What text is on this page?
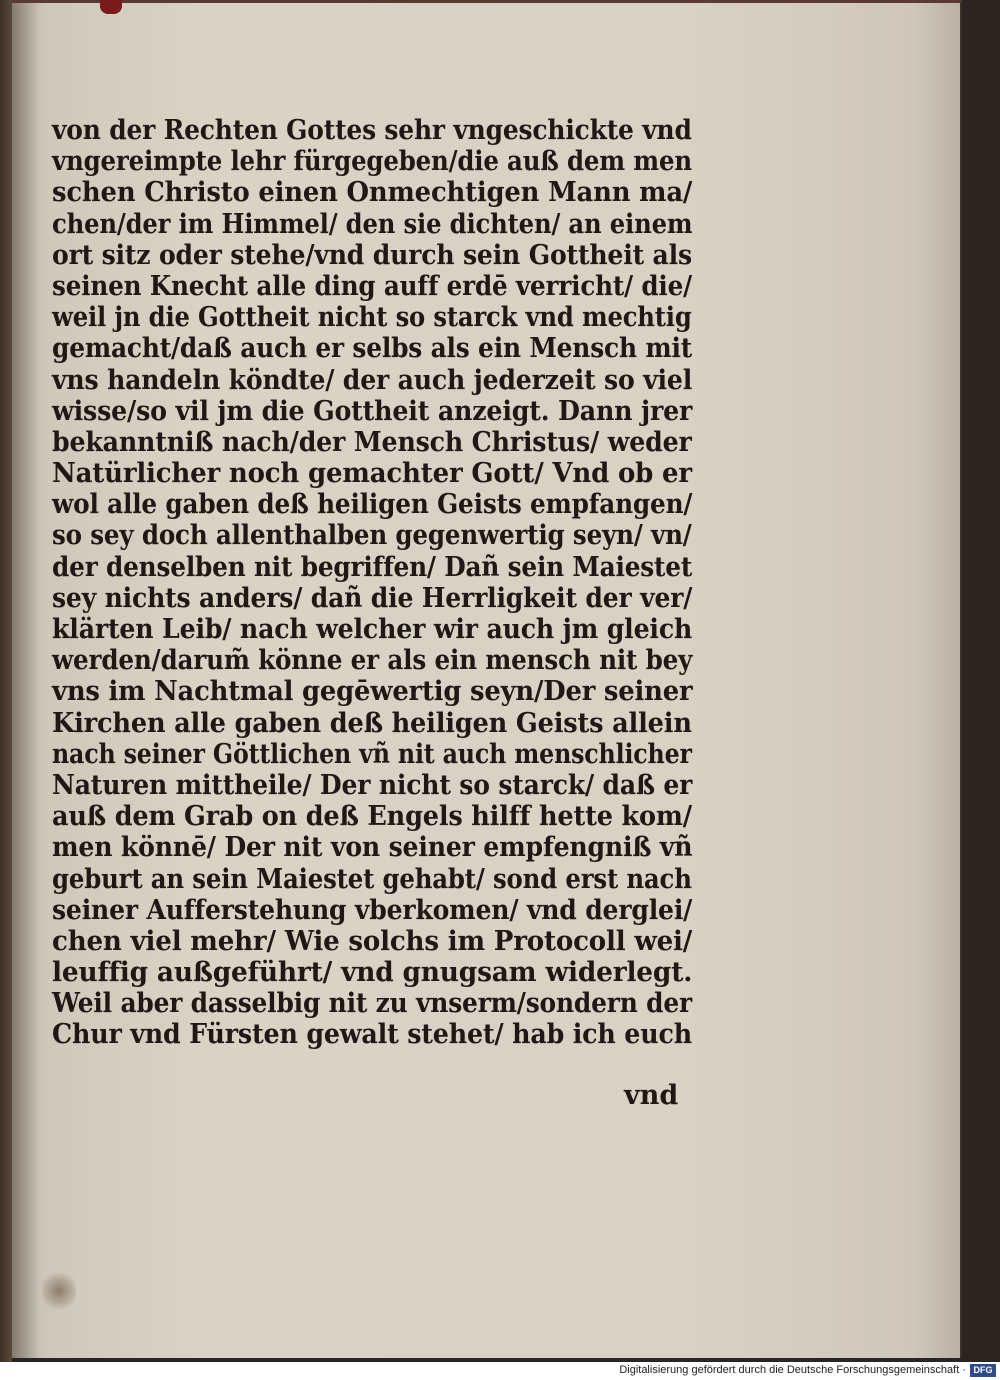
von der Rechten Gottes sehr vngeschickte vnd
vngereimpte lehr fürgegeben/die auß dem men
schen Christo einen Onmechtigen Mann ma/
chen/der im Himmel/ den sie dichten/ an einem
ort sitz oder stehe/vnd durch sein Gottheit als
seinen Knecht alle ding auff erdē verricht/ die/
weil jn die Gottheit nicht so starck vnd mechtig
gemacht/daß auch er selbs als ein Mensch mit
vns handeln köndte/ der auch jederzeit so viel
wisse/so vil jm die Gottheit anzeigt. Dann jrer
bekanntniß nach/der Mensch Christus/ weder
Natürlicher noch gemachter Gott/ Vnd ob er
wol alle gaben deß heiligen Geists empfangen/
so sey doch allenthalben gegenwertig seyn/ vn/
der denselben nit begriffen/ Dañ sein Maiestet
sey nichts anders/ dañ die Herrligkeit der ver/
klärten Leib/ nach welcher wir auch jm gleich
werden/darum̃ könne er als ein mensch nit bey
vns im Nachtmal gegēwertig seyn/Der seiner
Kirchen alle gaben deß heiligen Geists allein
nach seiner Göttlichen vñ nit auch menschlicher
Naturen mittheile/ Der nicht so starck/ daß er
auß dem Grab on deß Engels hilff hette kom/
men könnē/ Der nit von seiner empfengniß vñ
geburt an sein Maiestet gehabt/ sond erst nach
seiner Aufferstehung vberkomen/ vnd derglei/
chen viel mehr/ Wie solchs im Protocoll wei/
leuffig außgeführt/ vnd gnugsam widerlegt.
Weil aber dasselbig nit zu vnserm/sondern der
Chur vnd Fürsten gewalt stehet/ hab ich euch
vnd
Digitalisierung gefördert durch die Deutsche Forschungsgemeinschaft · DFG
